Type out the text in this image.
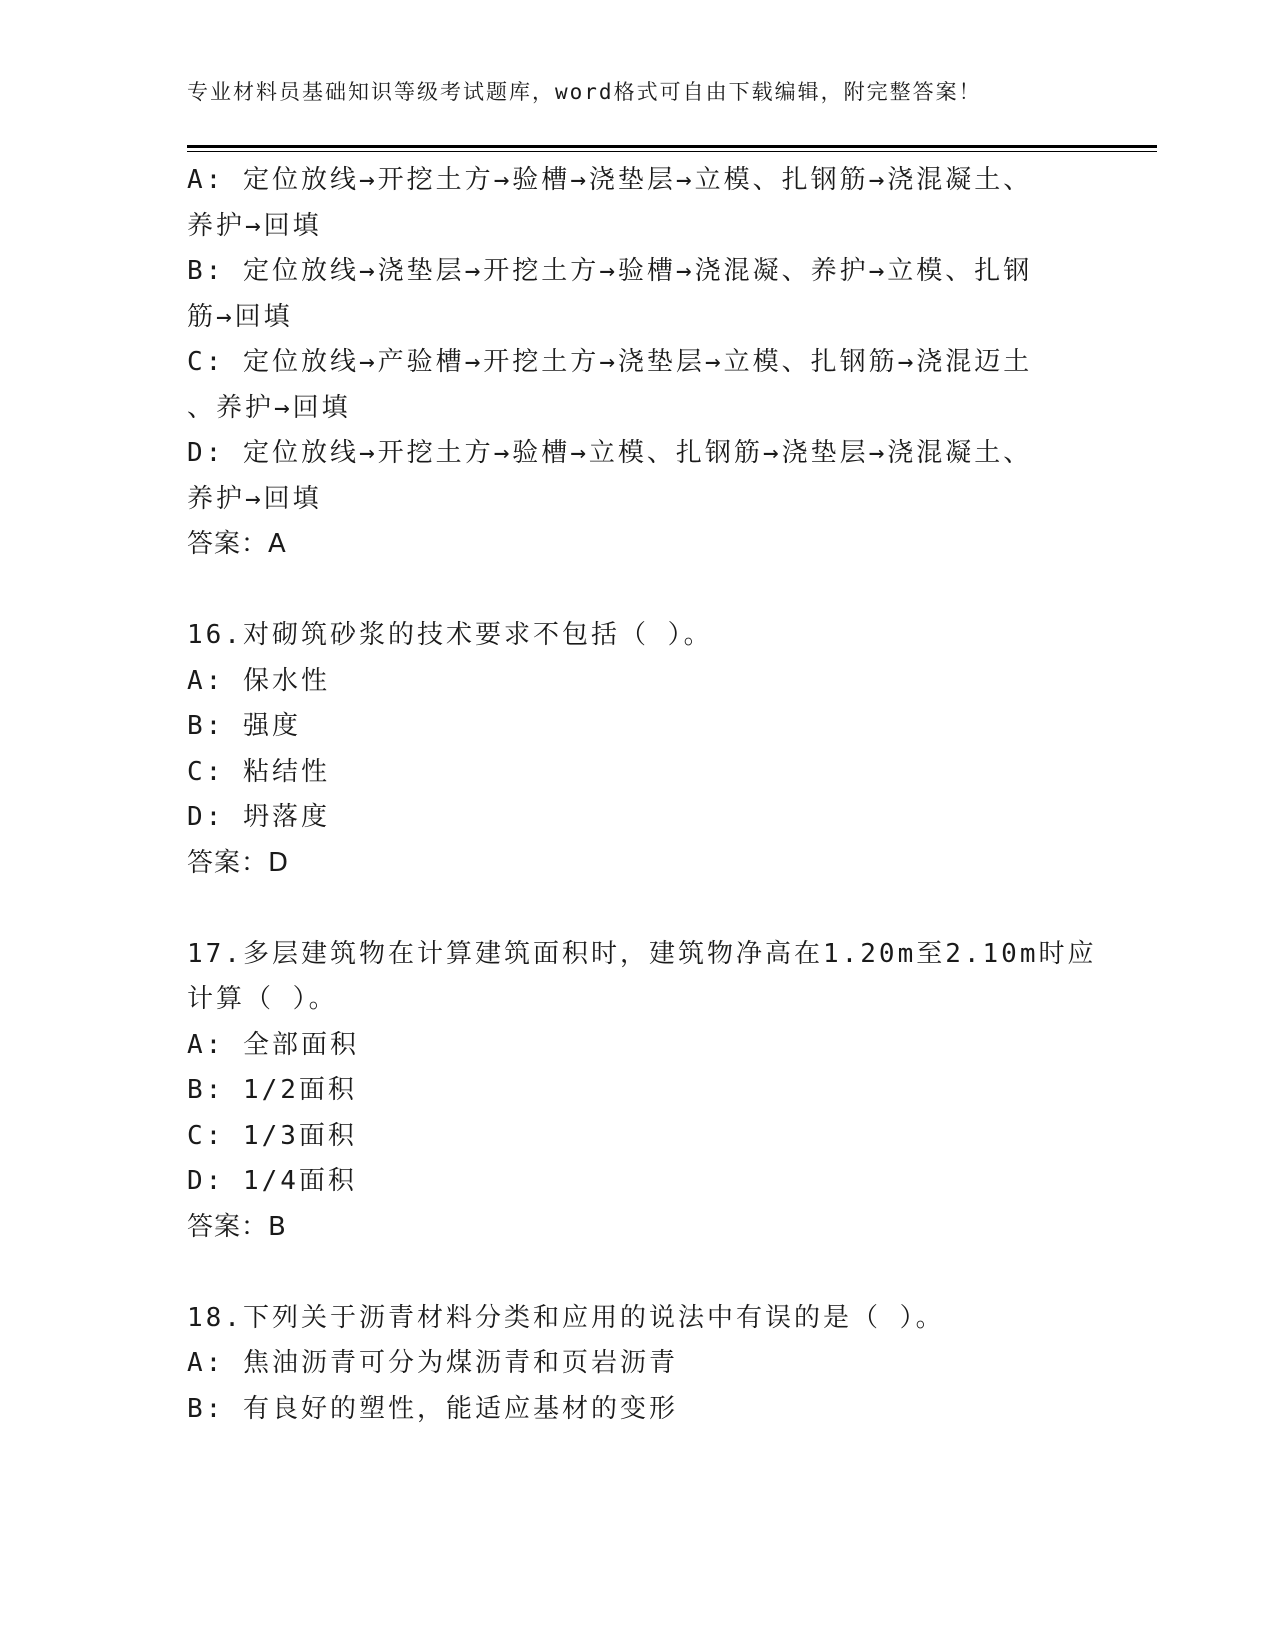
专业材料员基础知识等级考试题库，word格式可自由下载编辑，附完整答案！
A: 定位放线→开挖土方→验槽→浇垫层→立模、扎钢筋→浇混凝土、
养护→回填
B: 定位放线→浇垫层→开挖土方→验槽→浇混凝、养护→立模、扎钢
筋→回填
C: 定位放线→产验槽→开挖土方→浇垫层→立模、扎钢筋→浇混迈土
、养护→回填
D: 定位放线→开挖土方→验槽→立模、扎钢筋→浇垫层→浇混凝土、
养护→回填
答案：A
16.对砌筑砂浆的技术要求不包括（ ）。
A: 保水性
B: 强度
C: 粘结性
D: 坍落度
答案：D
17.多层建筑物在计算建筑面积时，建筑物净高在1.20m至2.10m时应
计算（ ）。
A: 全部面积
B: 1/2面积
C: 1/3面积
D: 1/4面积
答案：B
18.下列关于沥青材料分类和应用的说法中有误的是（ ）。
A: 焦油沥青可分为煤沥青和页岩沥青
B: 有良好的塑性，能适应基材的变形
